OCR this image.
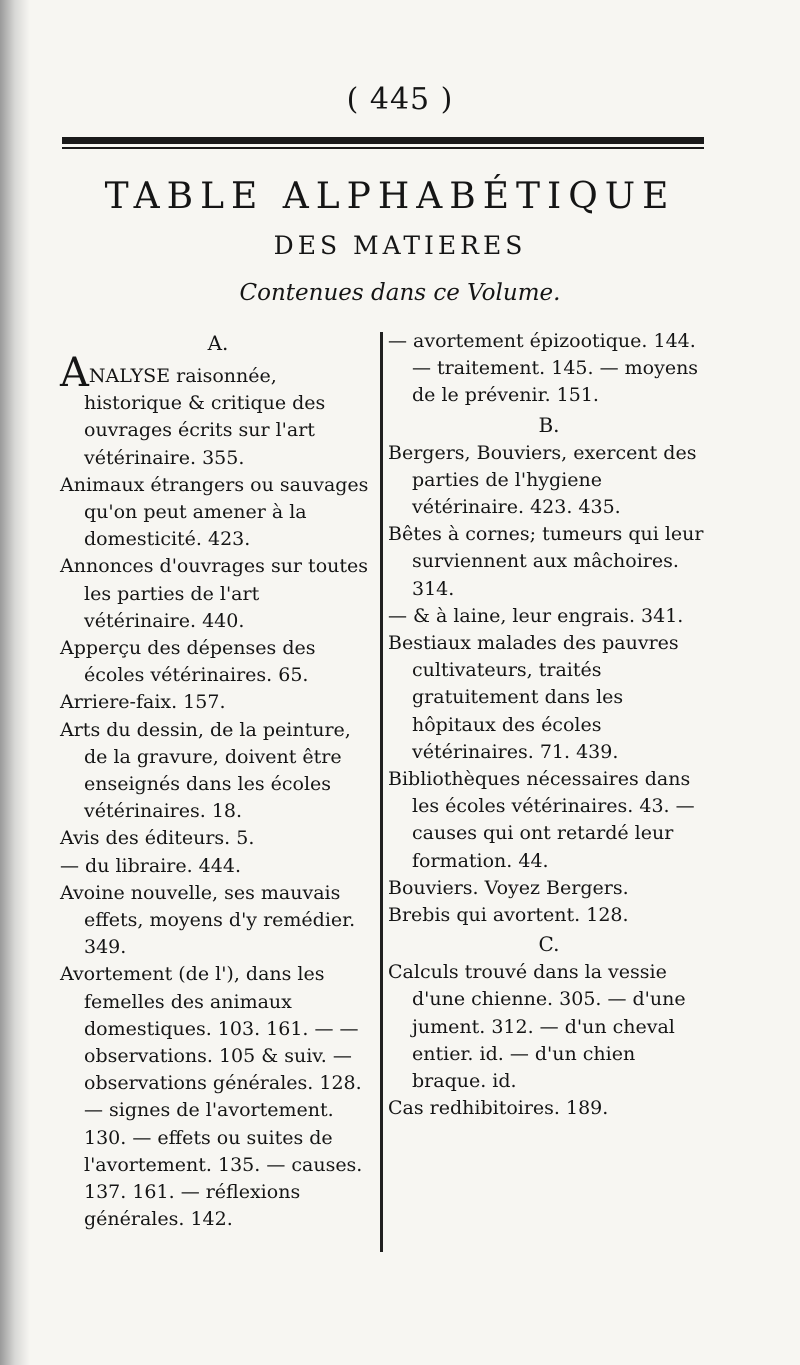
( 445 )
TABLE ALPHABÉTIQUE
DES MATIERES
Contenues dans ce Volume.
A.

ANALYSE raisonnée, historique & critique des ouvrages écrits sur l'art vétérinaire. 355.

Animaux étrangers ou sauvages qu'on peut amener à la domesticité. 423.

Annonces d'ouvrages sur toutes les parties de l'art vétérinaire. 440.

Apperçu des dépenses des écoles vétérinaires. 65.

Arriere-faix. 157.

Arts du dessin, de la peinture, de la gravure, doivent être enseignés dans les écoles vétérinaires. 18.

Avis des éditeurs. 5.

— du libraire. 444.

Avoine nouvelle, ses mauvais effets, moyens d'y remédier. 349.

Avortement (de l'), dans les femelles des animaux domestiques. 103. 161. — —observations. 105 & suiv. — observations générales. 128. — signes de l'avortement. 130. — effets ou suites de l'avortement. 135. — causes. 137. 161. — réflexions générales. 142.

— avortement épizootique. 144. — traitement. 145. — moyens de le prévenir. 151.

B.

Bergers, Bouviers, exercent des parties de l'hygiene vétérinaire. 423. 435.

Bêtes à cornes; tumeurs qui leur surviennent aux mâchoires. 314.

— & à laine, leur engrais. 341.

Bestiaux malades des pauvres cultivateurs, traités gratuitement dans les hôpitaux des écoles vétérinaires. 71. 439.

Bibliothèques nécessaires dans les écoles vétérinaires. 43. — causes qui ont retardé leur formation. 44.

Bouviers. Voyez Bergers.

Brebis qui avortent. 128.

C.

Calculs trouvé dans la vessie d'une chienne. 305. — d'une jument. 312. — d'un cheval entier. id. — d'un chien braque. id.

Cas redhibitoires. 189.
